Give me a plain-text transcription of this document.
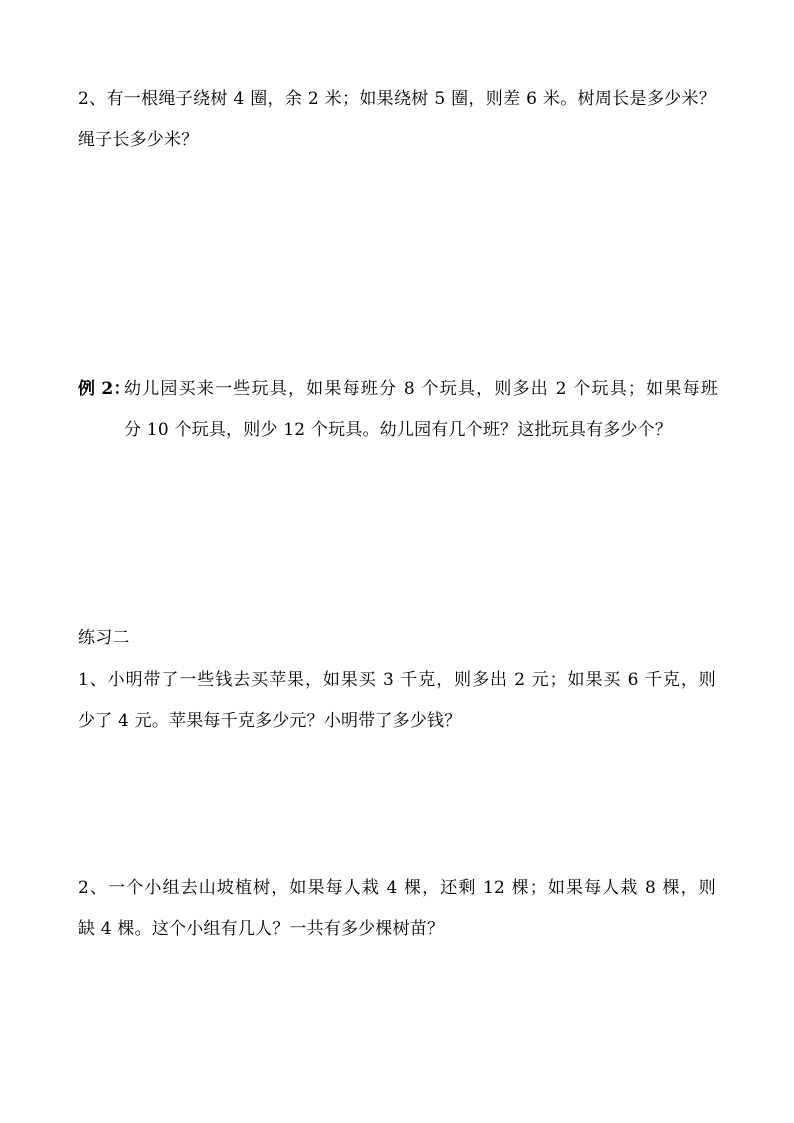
2、有一根绳子绕树 4 圈，余 2 米；如果绕树 5 圈，则差 6 米。树周长是多少米？
绳子长多少米？
例 2：
幼儿园买来一些玩具，如果每班分 8 个玩具，则多出 2 个玩具；如果每班
分 10 个玩具，则少 12 个玩具。幼儿园有几个班？这批玩具有多少个？
练习二
1、小明带了一些钱去买苹果，如果买 3 千克，则多出 2 元；如果买 6 千克，则
少了 4 元。苹果每千克多少元？小明带了多少钱？
2、一个小组去山坡植树，如果每人栽 4 棵，还剩 12 棵；如果每人栽 8 棵，则
缺 4 棵。这个小组有几人？一共有多少棵树苗？
